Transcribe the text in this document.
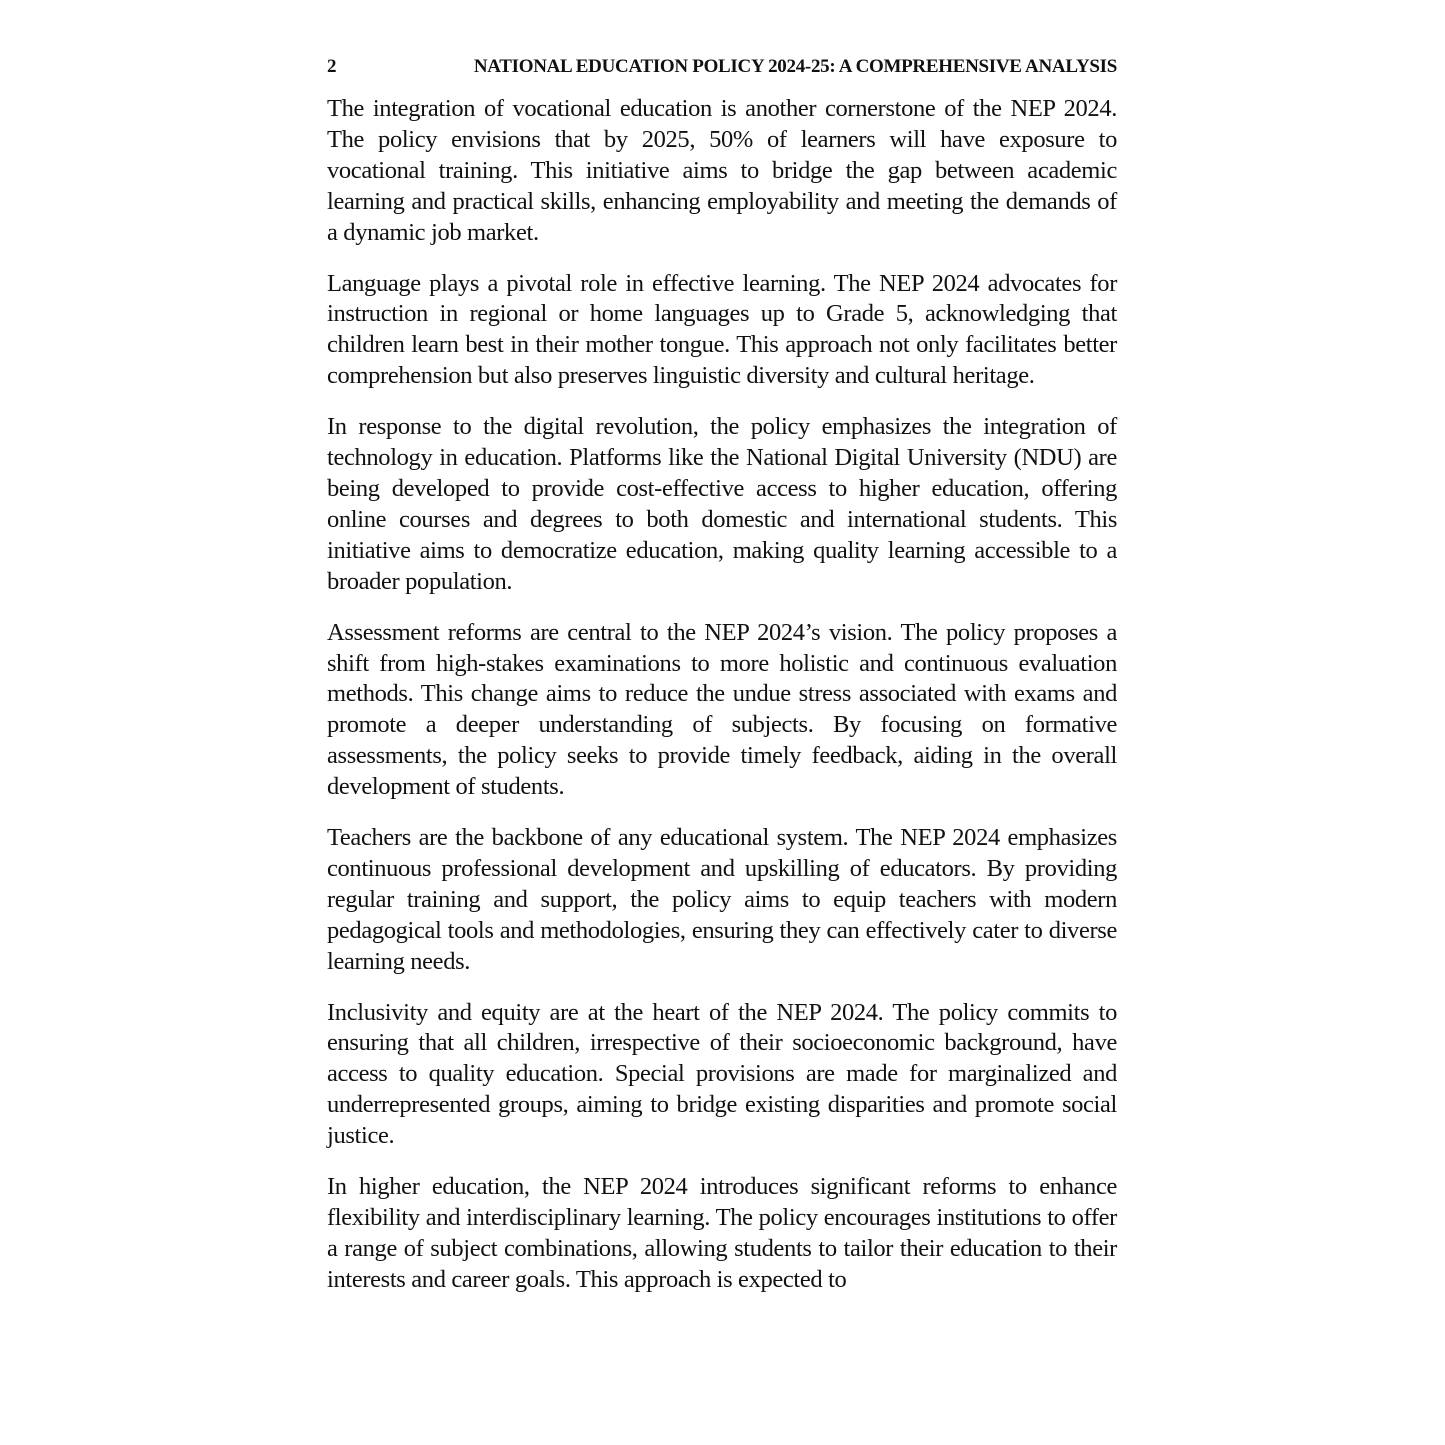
2	NATIONAL EDUCATION POLICY 2024-25: A COMPREHENSIVE ANALYSIS

The integration of vocational education is another cornerstone of the NEP 2024. The policy envisions that by 2025, 50% of learners will have exposure to vocational training. This initiative aims to bridge the gap between academic learning and practical skills, enhancing employability and meeting the demands of a dynamic job market.

Language plays a pivotal role in effective learning. The NEP 2024 advocates for instruction in regional or home languages up to Grade 5, acknowledging that children learn best in their mother tongue. This approach not only facilitates better comprehension but also preserves linguistic diversity and cultural heritage.

In response to the digital revolution, the policy emphasizes the integration of technology in education. Platforms like the National Digital University (NDU) are being developed to provide cost-effective access to higher education, offering online courses and degrees to both domestic and international students. This initiative aims to democratize education, making quality learning accessible to a broader population.

Assessment reforms are central to the NEP 2024’s vision. The policy proposes a shift from high-stakes examinations to more holistic and continuous evaluation methods. This change aims to reduce the undue stress associated with exams and promote a deeper understanding of subjects. By focusing on formative assessments, the policy seeks to provide timely feedback, aiding in the overall development of students.

Teachers are the backbone of any educational system. The NEP 2024 emphasizes continuous professional development and upskilling of educators. By providing regular training and support, the policy aims to equip teachers with modern pedagogical tools and methodologies, ensuring they can effectively cater to diverse learning needs.

Inclusivity and equity are at the heart of the NEP 2024. The policy commits to ensuring that all children, irrespective of their socioeconomic background, have access to quality education. Special provisions are made for marginalized and underrepresented groups, aiming to bridge existing disparities and promote social justice.

In higher education, the NEP 2024 introduces significant reforms to enhance flexibility and interdisciplinary learning. The policy encourages institutions to offer a range of subject combinations, allowing students to tailor their education to their interests and career goals. This approach is expected to
